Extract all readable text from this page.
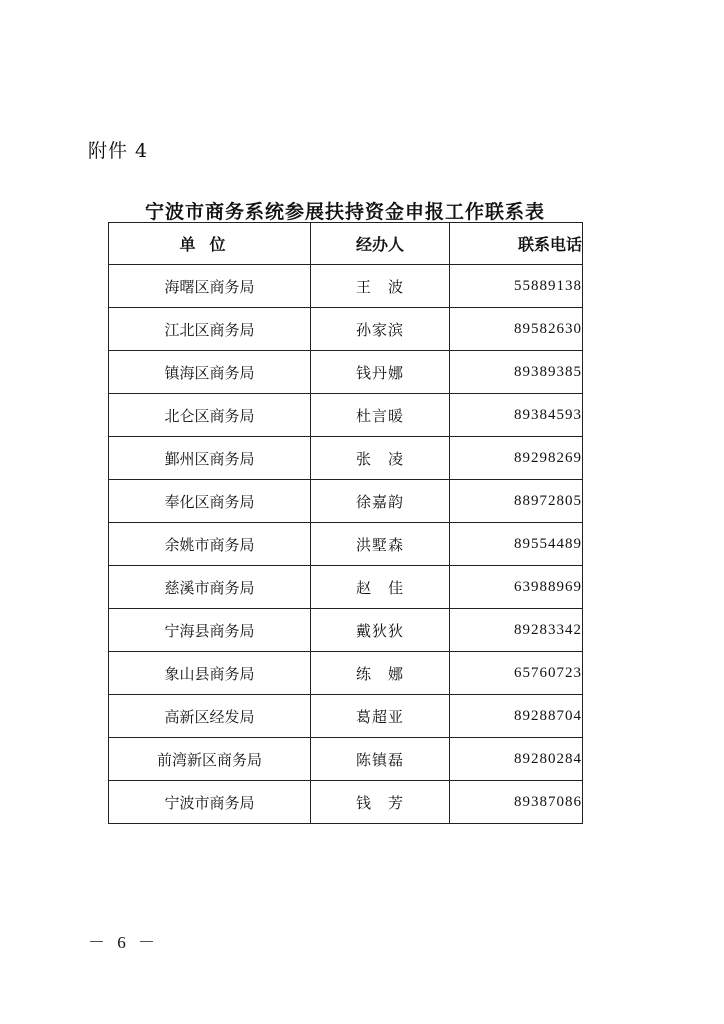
附件 4
宁波市商务系统参展扶持资金申报工作联系表
单位	经办人	联系电话
海曙区商务局	王　波	55889138
江北区商务局	孙家滨	89582630
镇海区商务局	钱丹娜	89389385
北仑区商务局	杜言暖	89384593
鄞州区商务局	张　凌	89298269
奉化区商务局	徐嘉韵	88972805
余姚市商务局	洪墅森	89554489
慈溪市商务局	赵　佳	63988969
宁海县商务局	戴狄狄	89283342
象山县商务局	练　娜	65760723
高新区经发局	葛超亚	89288704
前湾新区商务局	陈镇磊	89280284
宁波市商务局	钱　芳	89387086
－ 6 －
